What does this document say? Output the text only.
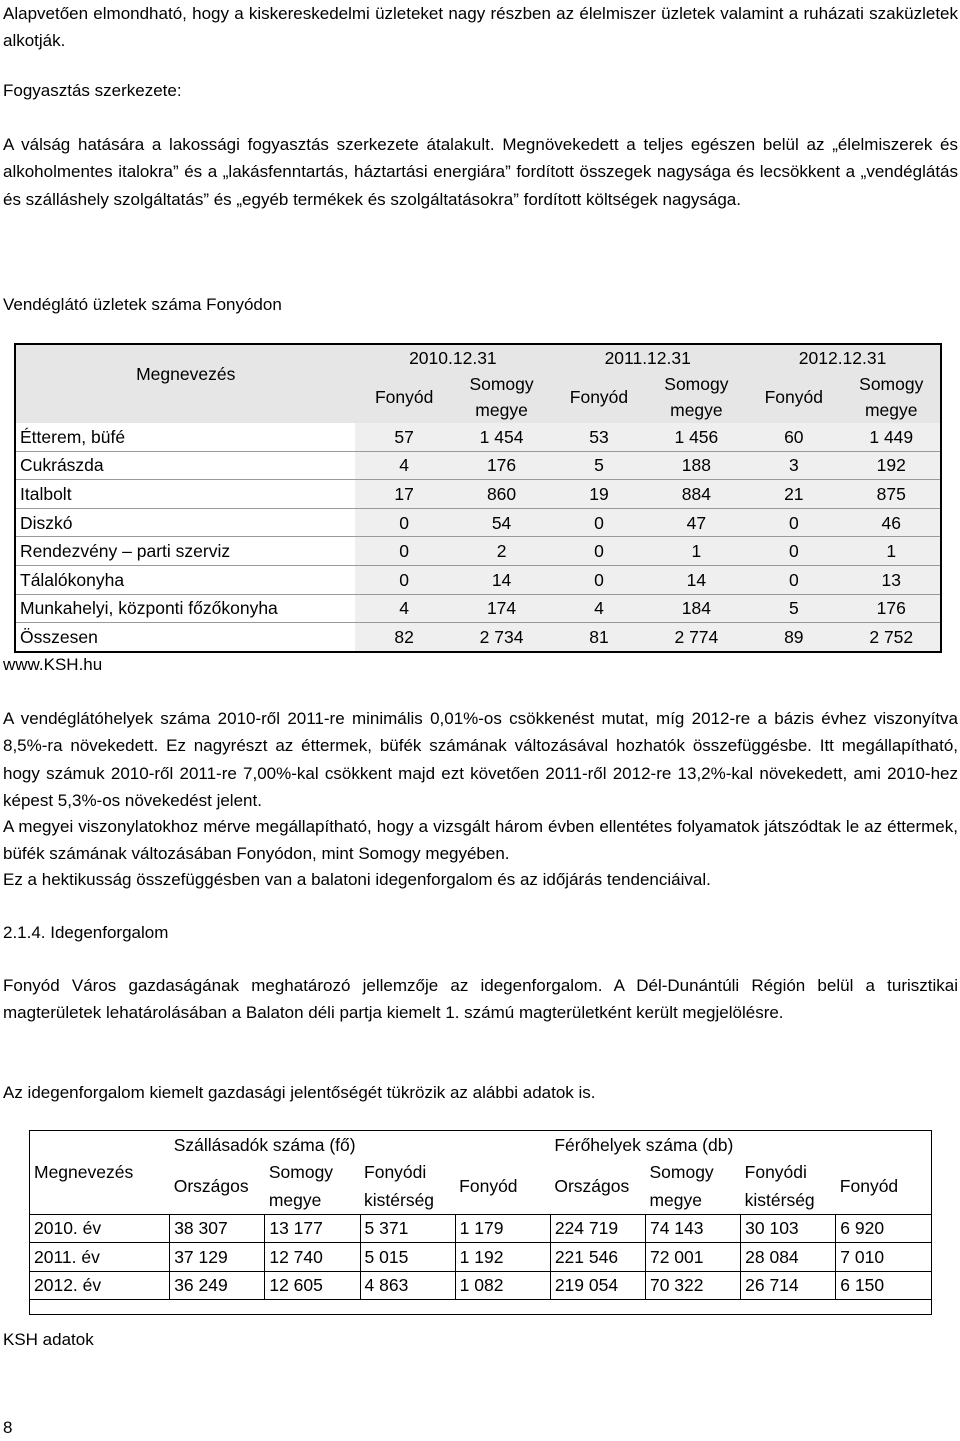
Alapvetően elmondható, hogy a kiskereskedelmi üzleteket nagy részben az élelmiszer üzletek valamint a ruházati szaküzletek alkotják.

Fogyasztás szerkezete:

A válság hatására a lakossági fogyasztás szerkezete átalakult. Megnövekedett a teljes egészen belül az „élelmiszerek és alkoholmentes italokra” és a „lakásfenntartás, háztartási energiára” fordított összegek nagysága és lecsökkent a „vendéglátás és szálláshely szolgáltatás” és „egyéb termékek és szolgáltatásokra” fordított költségek nagysága.

Vendéglátó üzletek száma Fonyódon

Megnevezés	2010.12.31		2011.12.31		2012.12.31	
	Fonyód	Somogy	Fonyód	Somogy	Fonyód	Somogy
		megye		megye		megye
Étterem, büfé	57	1 454	53	1 456	60	1 449
Cukrászda	4	176	5	188	3	192
Italbolt	17	860	19	884	21	875
Diszkó	0	54	0	47	0	46
Rendezvény – parti szerviz	0	2	0	1	0	1
Tálalókonyha	0	14	0	14	0	13
Munkahelyi, központi főzőkonyha	4	174	4	184	5	176
Összesen	82	2 734	81	2 774	89	2 752

www.KSH.hu

A vendéglátóhelyek száma 2010-ről 2011-re minimális 0,01%-os csökkenést mutat, míg 2012-re a bázis évhez viszonyítva 8,5%-ra növekedett. Ez nagyrészt az éttermek, büfék számának változásával hozhatók összefüggésbe. Itt megállapítható, hogy számuk 2010-ről 2011-re 7,00%-kal csökkent majd ezt követően 2011-ről 2012-re 13,2%-kal növekedett, ami 2010-hez képest 5,3%-os növekedést jelent.

A megyei viszonylatokhoz mérve megállapítható, hogy a vizsgált három évben ellentétes folyamatok játszódtak le az éttermek, büfék számának változásában Fonyódon, mint Somogy megyében.

Ez a hektikusság összefüggésben van a balatoni idegenforgalom és az időjárás tendenciáival.

2.1.4. Idegenforgalom

Fonyód Város gazdaságának meghatározó jellemzője az idegenforgalom. A Dél-Dunántúli Régión belül a turisztikai magterületek lehatárolásában a Balaton déli partja kiemelt 1. számú magterületként került megjelölésre.

Az idegenforgalom kiemelt gazdasági jelentőségét tükrözik az alábbi adatok is.

Megnevezés	Szállásadók száma (fő)				Férőhelyek száma (db)			
	Országos	Somogy	Fonyódi	Fonyód	Országos	Somogy	Fonyódi	Fonyód
		megye	kistérség			megye	kistérség	
2010. év	38 307	13 177	5 371	1 179	224 719	74 143	30 103	6 920
2011. év	37 129	12 740	5 015	1 192	221 546	72 001	28 084	7 010
2012. év	36 249	12 605	4 863	1 082	219 054	70 322	26 714	6 150

KSH adatok

8
